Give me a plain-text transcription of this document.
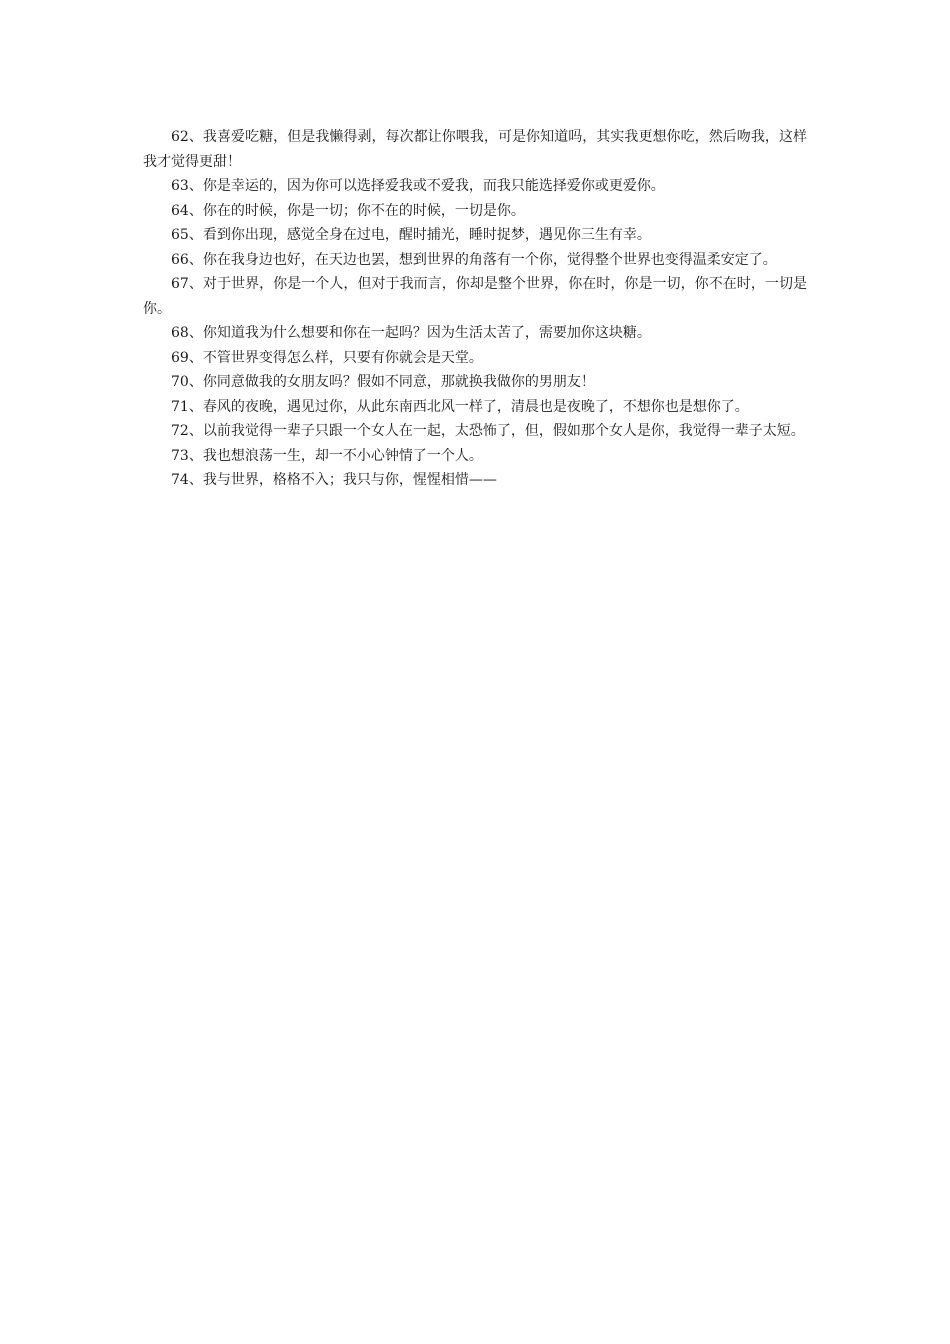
62、我喜爱吃糖，但是我懒得剥，每次都让你喂我，可是你知道吗，其实我更想你吃，然后吻我，这样我才觉得更甜！

63、你是幸运的，因为你可以选择爱我或不爱我，而我只能选择爱你或更爱你。

64、你在的时候，你是一切；你不在的时候，一切是你。

65、看到你出现，感觉全身在过电，醒时捕光，睡时捉梦，遇见你三生有幸。

66、你在我身边也好，在天边也罢，想到世界的角落有一个你，觉得整个世界也变得温柔安定了。

67、对于世界，你是一个人，但对于我而言，你却是整个世界，你在时，你是一切，你不在时，一切是你。

68、你知道我为什么想要和你在一起吗？因为生活太苦了，需要加你这块糖。

69、不管世界变得怎么样，只要有你就会是天堂。

70、你同意做我的女朋友吗？假如不同意，那就换我做你的男朋友！

71、春风的夜晚，遇见过你，从此东南西北风一样了，清晨也是夜晚了，不想你也是想你了。

72、以前我觉得一辈子只跟一个女人在一起，太恐怖了，但，假如那个女人是你，我觉得一辈子太短。

73、我也想浪荡一生，却一不小心钟情了一个人。

74、我与世界，格格不入；我只与你，惺惺相惜——
